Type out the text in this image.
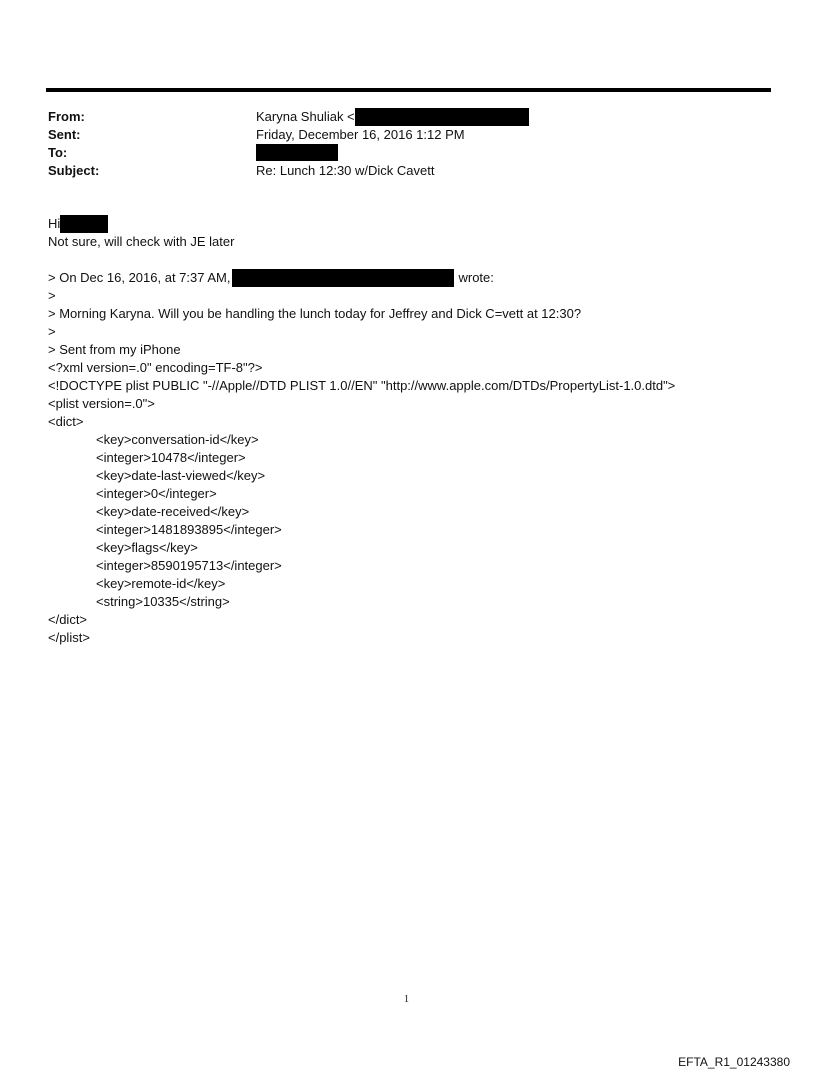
From:	Karyna Shuliak <
Sent:	Friday, December 16, 2016 1:12 PM
To:
Subject:	Re: Lunch 12:30 w/Dick Cavett
Hi
Not sure, will check with JE later
> On Dec 16, 2016, at 7:37 AM,	wrote:
>
> Morning Karyna. Will you be handling the lunch today for Jeffrey and Dick C=vett at 12:30?
>
> Sent from my iPhone
<?xml version=.0" encoding=TF-8"?>
<!DOCTYPE plist PUBLIC "-//Apple//DTD PLIST 1.0//EN" "http://www.apple.com/DTDs/PropertyList-1.0.dtd">
<plist version=.0">
<dict>
<key>conversation-id</key>
<integer>10478</integer>
<key>date-last-viewed</key>
<integer>0</integer>
<key>date-received</key>
<integer>1481893895</integer>
<key>flags</key>
<integer>8590195713</integer>
<key>remote-id</key>
<string>10335</string>
</dict>
</plist>
1
EFTA_R1_01243380
